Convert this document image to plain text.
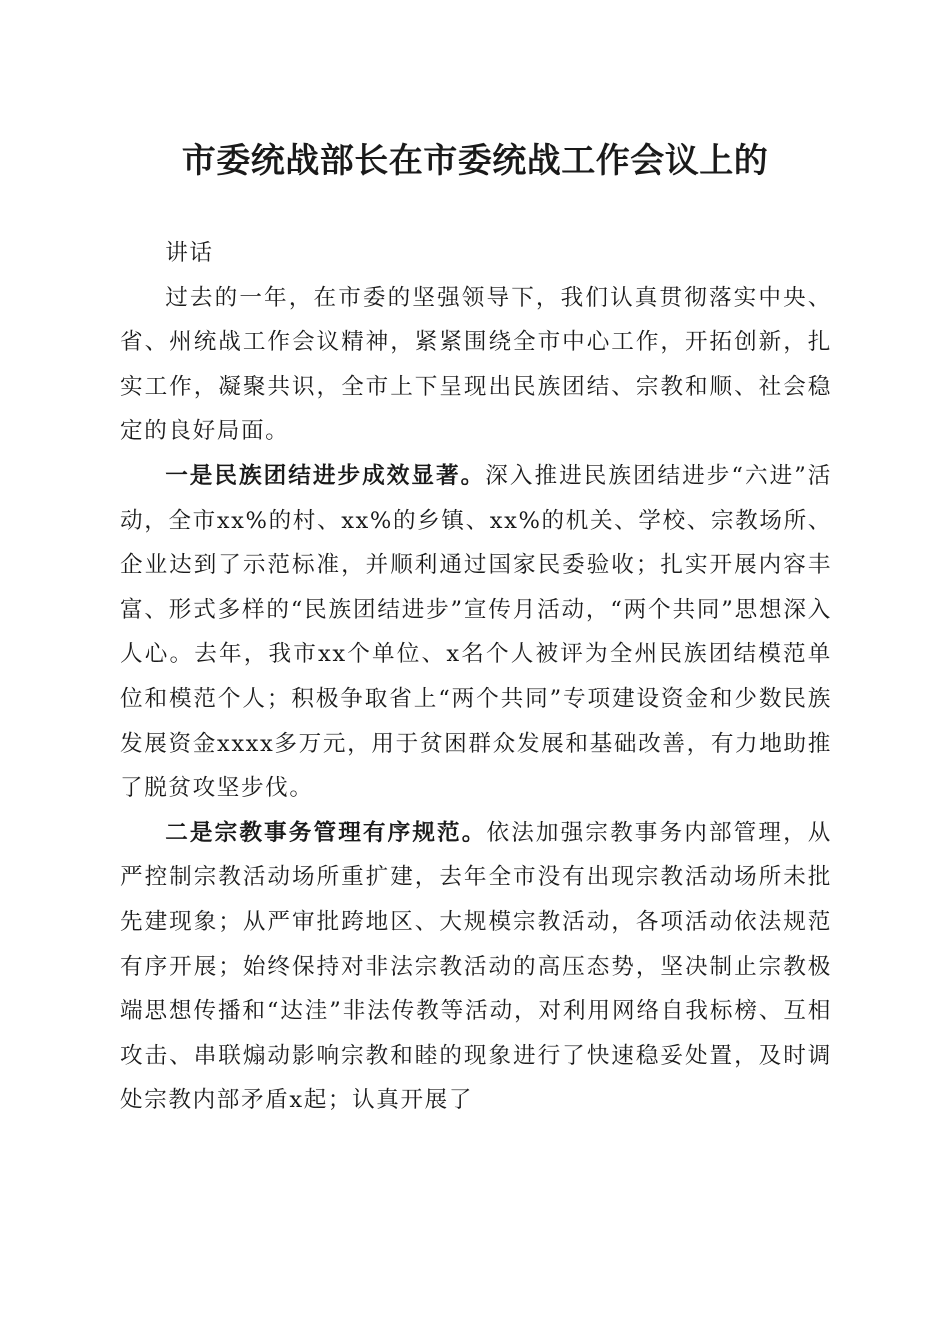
市委统战部长在市委统战工作会议上的

讲话

过去的一年，在市委的坚强领导下，我们认真贯彻落实中央、省、州统战工作会议精神，紧紧围绕全市中心工作，开拓创新，扎实工作，凝聚共识，全市上下呈现出民族团结、宗教和顺、社会稳定的良好局面。

一是民族团结进步成效显著。深入推进民族团结进步“六进”活动，全市xx%的村、xx%的乡镇、xx%的机关、学校、宗教场所、企业达到了示范标准，并顺利通过国家民委验收；扎实开展内容丰富、形式多样的“民族团结进步”宣传月活动，“两个共同”思想深入人心。去年，我市xx个单位、x名个人被评为全州民族团结模范单位和模范个人；积极争取省上“两个共同”专项建设资金和少数民族发展资金xxxx多万元，用于贫困群众发展和基础改善，有力地助推了脱贫攻坚步伐。

二是宗教事务管理有序规范。依法加强宗教事务内部管理，从严控制宗教活动场所重扩建，去年全市没有出现宗教活动场所未批先建现象；从严审批跨地区、大规模宗教活动，各项活动依法规范有序开展；始终保持对非法宗教活动的高压态势，坚决制止宗教极端思想传播和“达洼”非法传教等活动，对利用网络自我标榜、互相攻击、串联煽动影响宗教和睦的现象进行了快速稳妥处置，及时调处宗教内部矛盾x起；认真开展了
